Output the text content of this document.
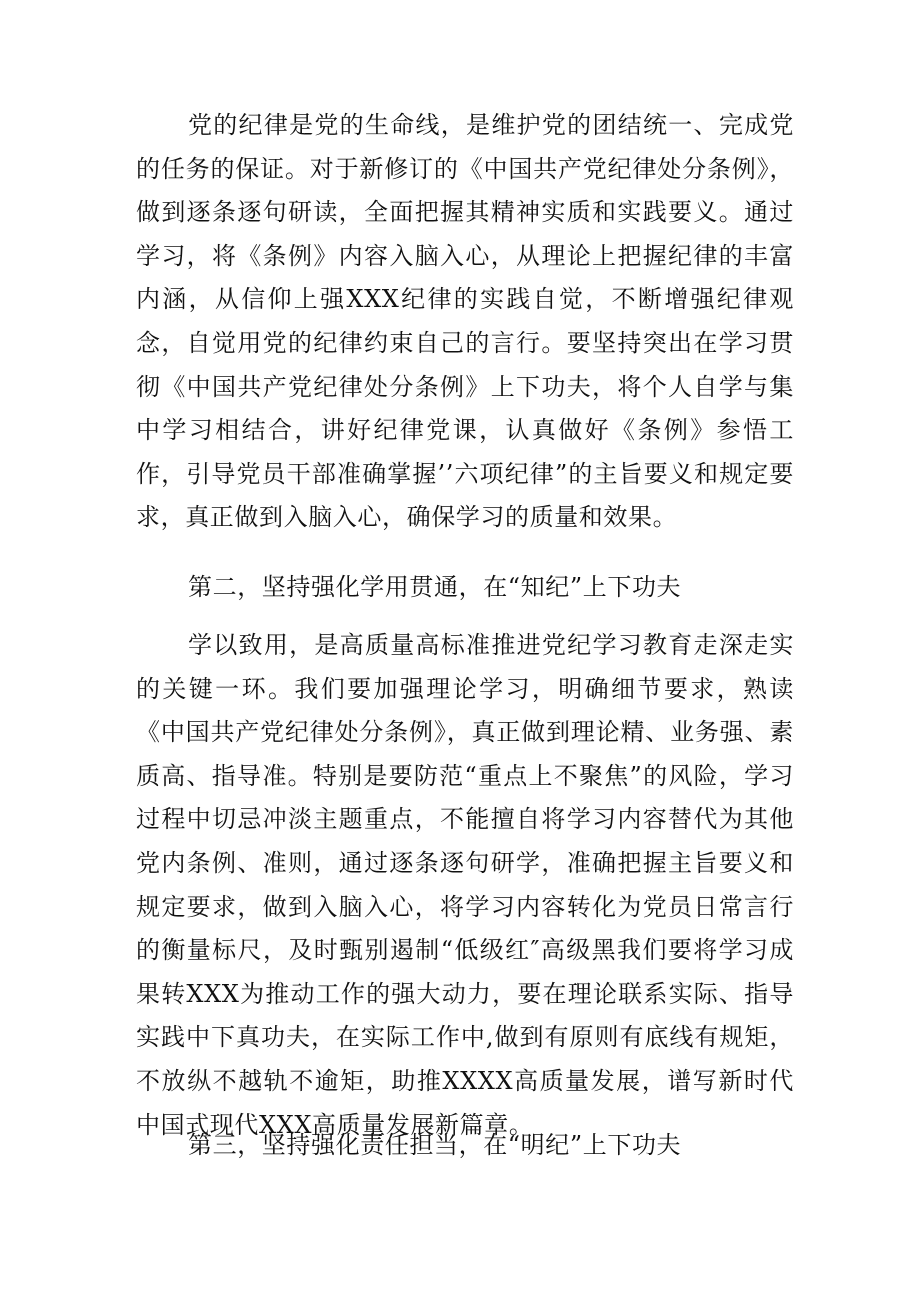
党的纪律是党的生命线，是维护党的团结统一、完成党的任务的保证。对于新修订的《中国共产党纪律处分条例》，做到逐条逐句研读，全面把握其精神实质和实践要义。通过学习，将《条例》内容入脑入心，从理论上把握纪律的丰富内涵，从信仰上强XXX纪律的实践自觉，不断增强纪律观念，自觉用党的纪律约束自己的言行。要坚持突出在学习贯彻《中国共产党纪律处分条例》上下功夫，将个人自学与集中学习相结合，讲好纪律党课，认真做好《条例》参悟工作，引导党员干部准确掌握’’六项纪律”的主旨要义和规定要求，真正做到入脑入心，确保学习的质量和效果。

第二，坚持强化学用贯通，在“知纪”上下功夫

学以致用，是高质量高标准推进党纪学习教育走深走实的关键一环。我们要加强理论学习，明确细节要求，熟读《中国共产党纪律处分条例》，真正做到理论精、业务强、素质高、指导准。特别是要防范“重点上不聚焦”的风险，学习过程中切忌冲淡主题重点，不能擅自将学习内容替代为其他党内条例、准则，通过逐条逐句研学，准确把握主旨要义和规定要求，做到入脑入心，将学习内容转化为党员日常言行的衡量标尺，及时甄别遏制“低级红″高级黑我们要将学习成果转XXX为推动工作的强大动力，要在理论联系实际、指导实践中下真功夫，在实际工作中,做到有原则有底线有规矩，不放纵不越轨不逾矩，助推XXXX高质量发展，谱写新时代中国式现代XXX高质量发展新篇章。

第三，坚持强化责任担当，在“明纪”上下功夫
